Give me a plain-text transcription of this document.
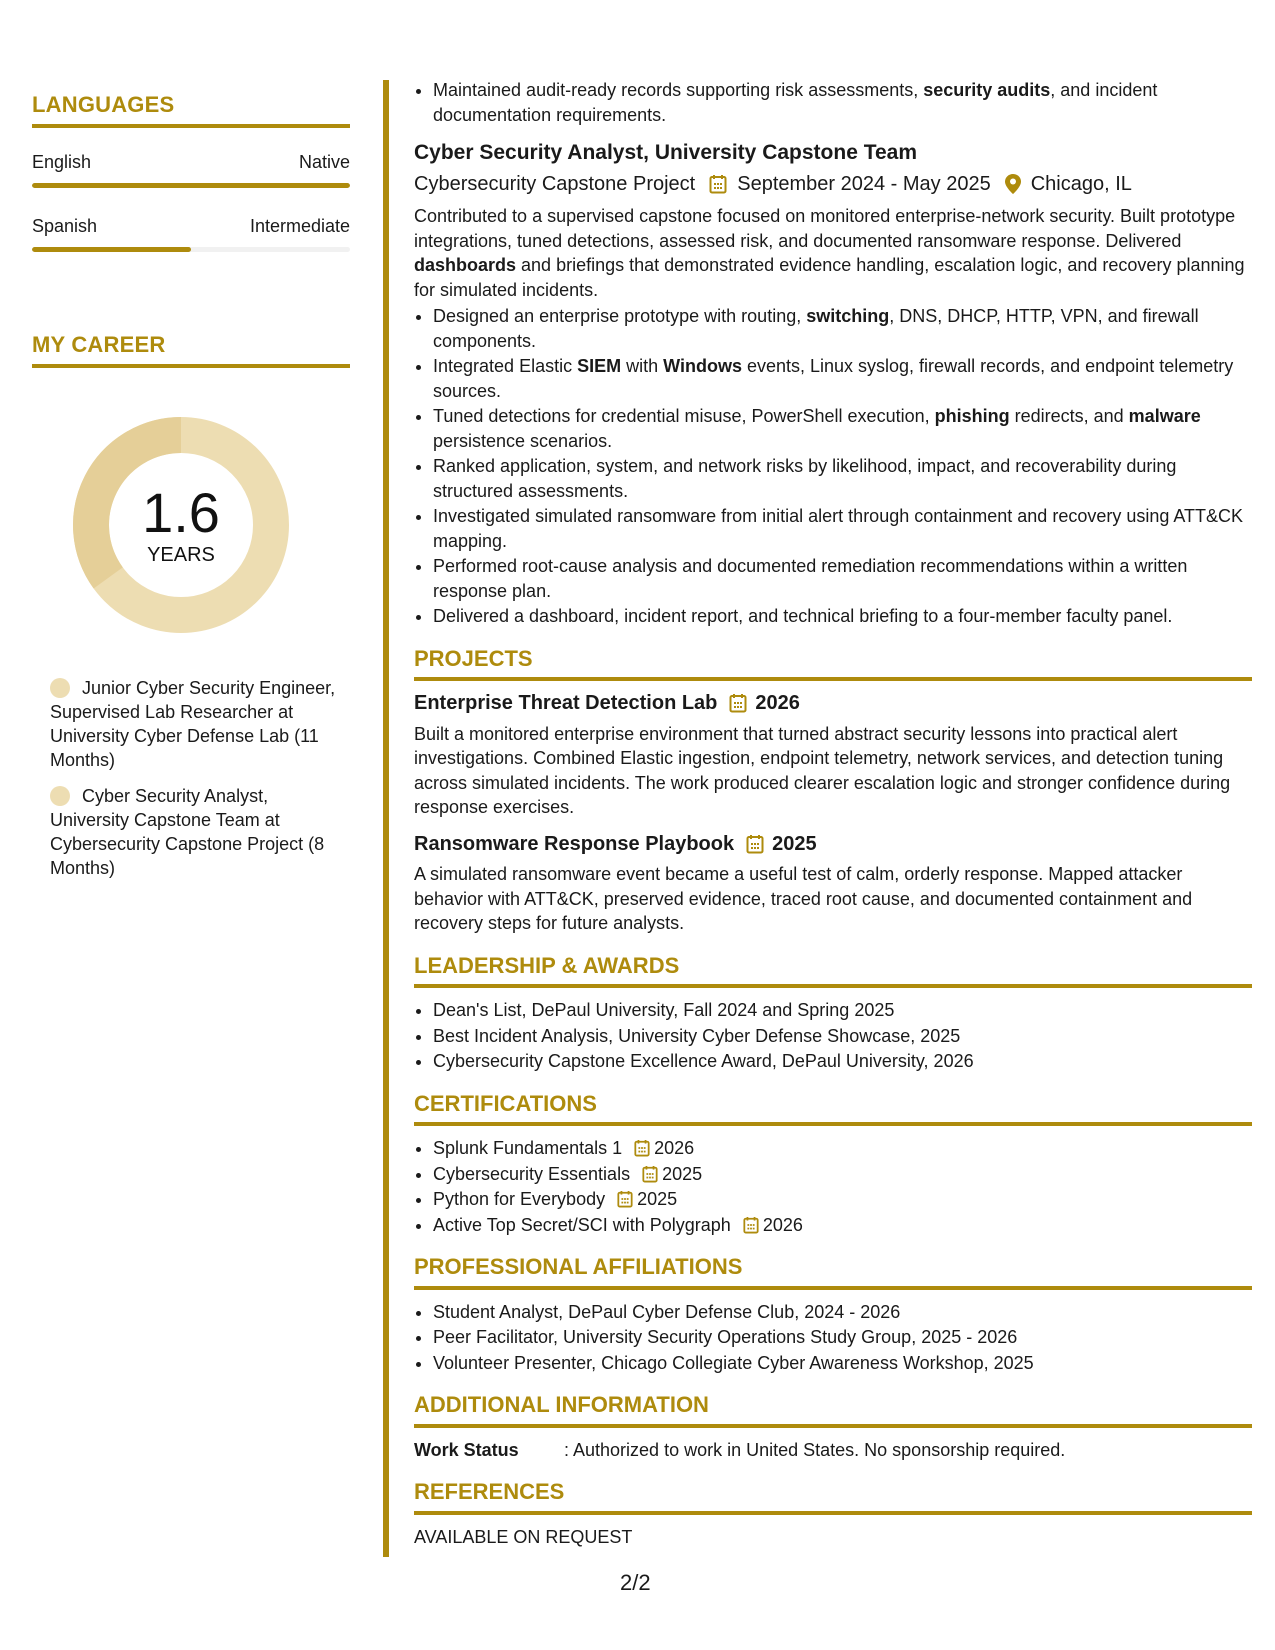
LANGUAGES
English	Native
Spanish	Intermediate
MY CAREER
1.6
YEARS
Junior Cyber Security Engineer, Supervised Lab Researcher at University Cyber Defense Lab (11 Months)
Cyber Security Analyst, University Capstone Team at Cybersecurity Capstone Project (8 Months)
• Maintained audit-ready records supporting risk assessments, security audits, and incident documentation requirements.
Cyber Security Analyst, University Capstone Team
Cybersecurity Capstone Project September 2024 - May 2025 Chicago, IL

Contributed to a supervised capstone focused on monitored enterprise-network security. Built prototype integrations, tuned detections, assessed risk, and documented ransomware response. Delivered dashboards and briefings that demonstrated evidence handling, escalation logic, and recovery planning for simulated incidents.

• Designed an enterprise prototype with routing, switching, DNS, DHCP, HTTP, VPN, and firewall components.
• Integrated Elastic SIEM with Windows events, Linux syslog, firewall records, and endpoint telemetry sources.
• Tuned detections for credential misuse, PowerShell execution, phishing redirects, and malware persistence scenarios.
• Ranked application, system, and network risks by likelihood, impact, and recoverability during structured assessments.
• Investigated simulated ransomware from initial alert through containment and recovery using ATT&CK mapping.
• Performed root-cause analysis and documented remediation recommendations within a written response plan.
• Delivered a dashboard, incident report, and technical briefing to a four-member faculty panel.
PROJECTS
Enterprise Threat Detection Lab 2026

Built a monitored enterprise environment that turned abstract security lessons into practical alert investigations. Combined Elastic ingestion, endpoint telemetry, network services, and detection tuning across simulated incidents. The work produced clearer escalation logic and stronger confidence during response exercises.

Ransomware Response Playbook 2025

A simulated ransomware event became a useful test of calm, orderly response. Mapped attacker behavior with ATT&CK, preserved evidence, traced root cause, and documented containment and recovery steps for future analysts.

LEADERSHIP & AWARDS
• Dean's List, DePaul University, Fall 2024 and Spring 2025
• Best Incident Analysis, University Cyber Defense Showcase, 2025
• Cybersecurity Capstone Excellence Award, DePaul University, 2026
CERTIFICATIONS
• Splunk Fundamentals 1 2026
• Cybersecurity Essentials 2025
• Python for Everybody 2025
• Active Top Secret/SCI with Polygraph 2026
PROFESSIONAL AFFILIATIONS
• Student Analyst, DePaul Cyber Defense Club, 2024 - 2026
• Peer Facilitator, University Security Operations Study Group, 2025 - 2026
• Volunteer Presenter, Chicago Collegiate Cyber Awareness Workshop, 2025
ADDITIONAL INFORMATION
Work Status	: Authorized to work in United States. No sponsorship required.
REFERENCES
AVAILABLE ON REQUEST
2/2
